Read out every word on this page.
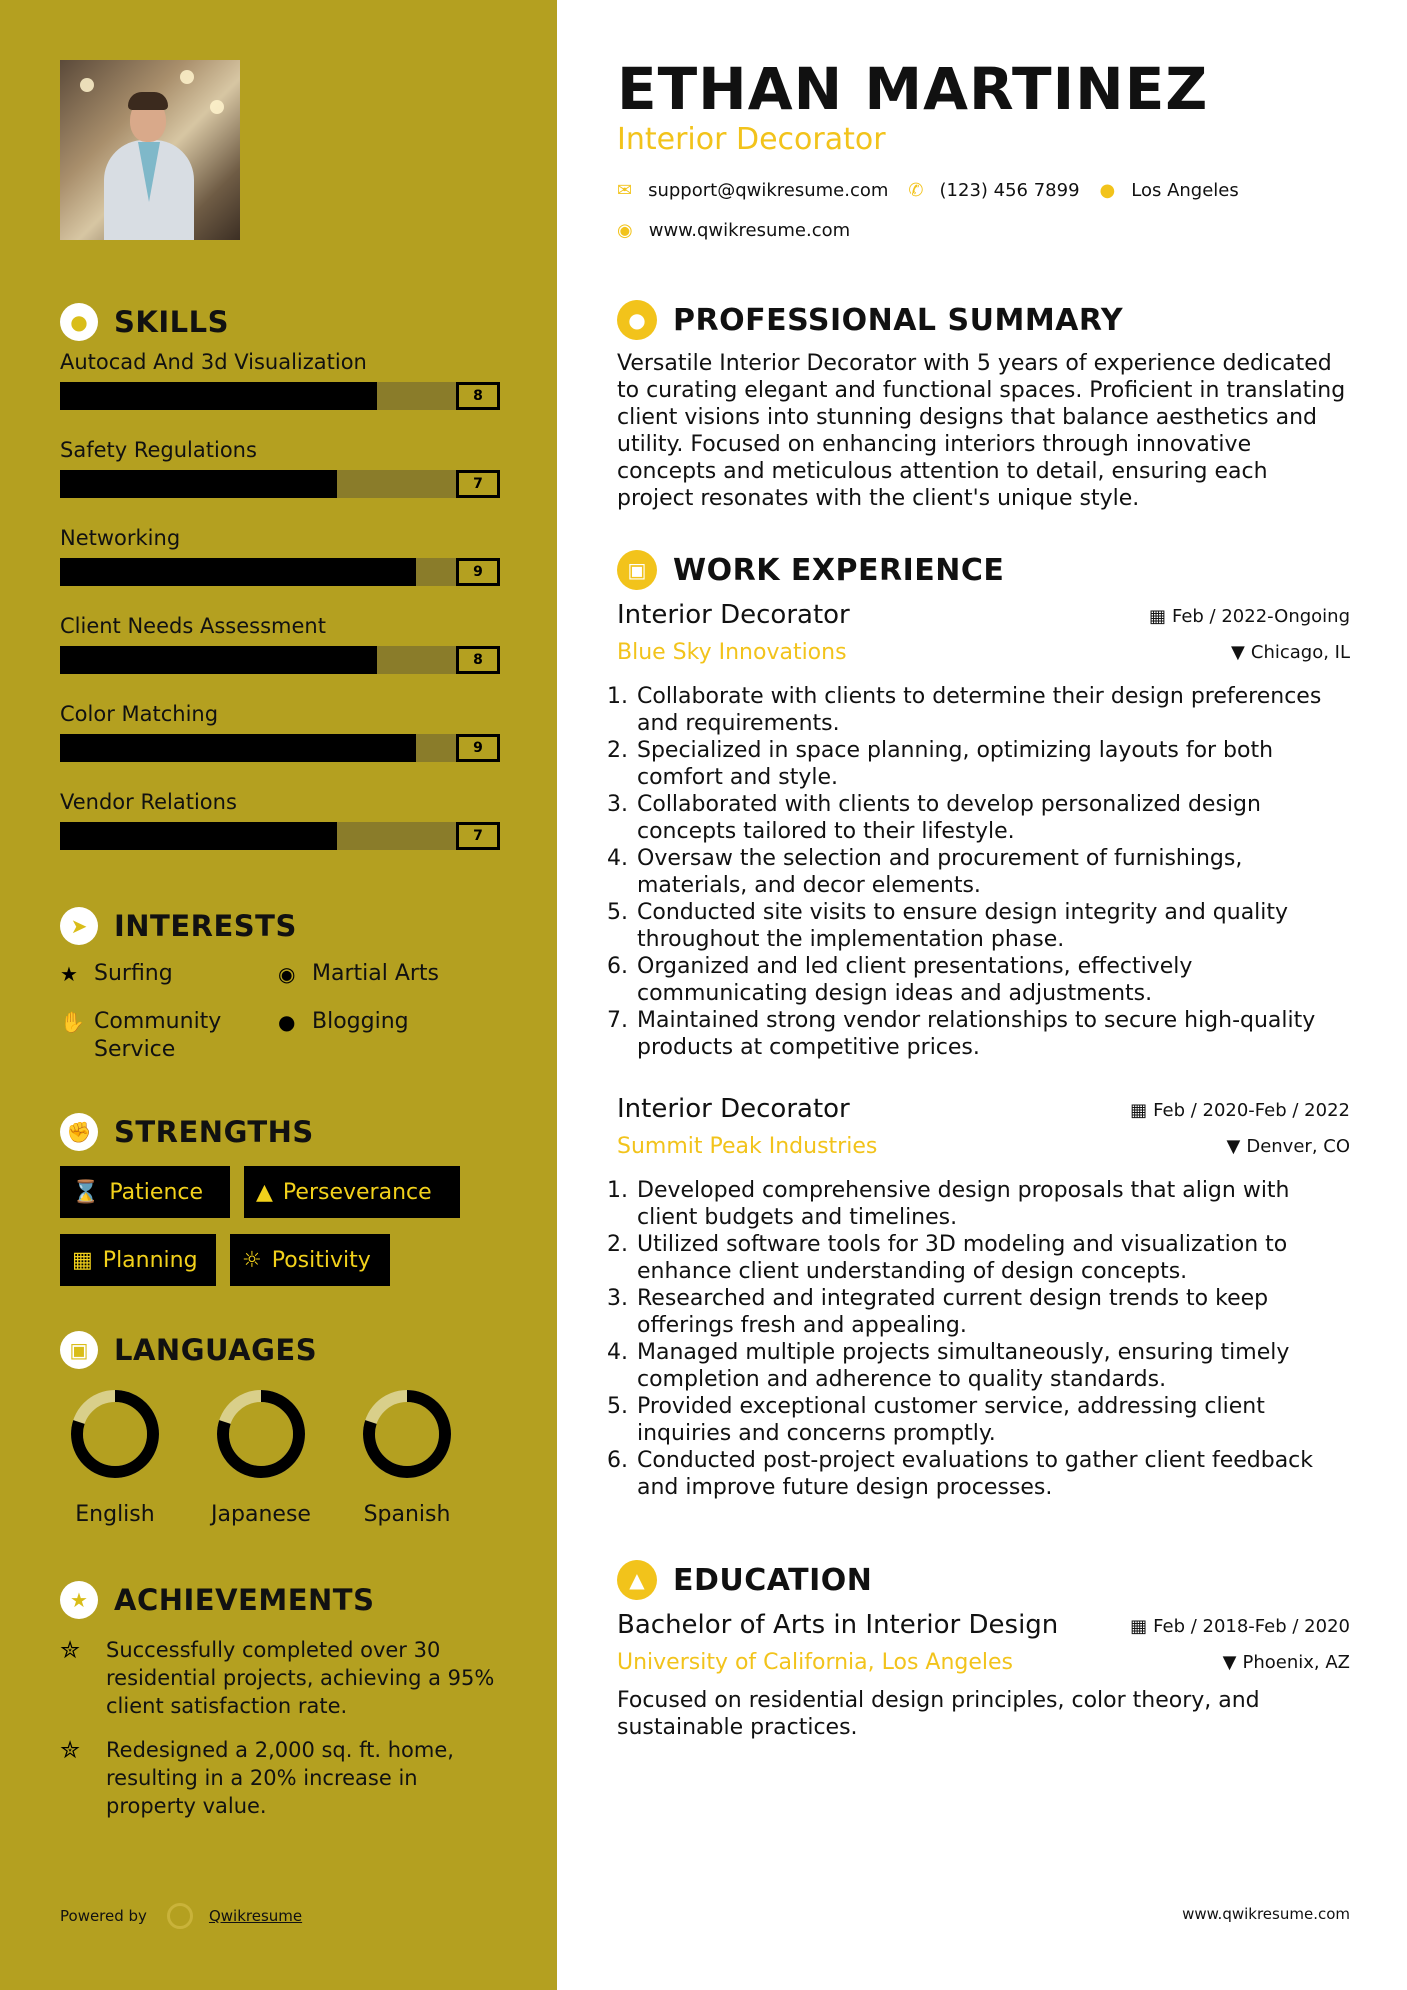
● SKILLS
Autocad And 3d Visualization
8
Safety Regulations
7
Networking
9
Client Needs Assessment
8
Color Matching
9
Vendor Relations
7
➤ INTERESTS
★ Surfing	◉ Martial Arts
✋ Community Service
● Blogging
✊ STRENGTHS
⌛ Patience ▲ Perseverance
▦ Planning ☼ Positivity
▣ LANGUAGES
English	Japanese	Spanish
★ ACHIEVEMENTS
✮	Successfully completed over 30 residential projects, achieving a 95% client satisfaction rate.
✮	Redesigned a 2,000 sq. ft. home, resulting in a 20% increase in property value.
Powered by	Qwikresume
ETHAN MARTINEZ
Interior Decorator
✉ support@qwikresume.com ✆ (123) 456 7899 ● Los Angeles
◉ www.qwikresume.com
● PROFESSIONAL SUMMARY

Versatile Interior Decorator with 5 years of experience dedicated to curating elegant and functional spaces. Proficient in translating client visions into stunning designs that balance aesthetics and utility. Focused on enhancing interiors through innovative concepts and meticulous attention to detail, ensuring each project resonates with the client's unique style.

▣ WORK EXPERIENCE
Interior Decorator	▦ Feb / 2022-Ongoing
Blue Sky Innovations	▼ Chicago, IL
1. Collaborate with clients to determine their design preferences and requirements.
2. Specialized in space planning, optimizing layouts for both comfort and style.
3. Collaborated with clients to develop personalized design concepts tailored to their lifestyle.
4. Oversaw the selection and procurement of furnishings, materials, and decor elements.
5. Conducted site visits to ensure design integrity and quality throughout the implementation phase.
6. Organized and led client presentations, effectively communicating design ideas and adjustments.
7. Maintained strong vendor relationships to secure high-quality products at competitive prices.
Interior Decorator	▦ Feb / 2020-Feb / 2022
Summit Peak Industries	▼ Denver, CO
1. Developed comprehensive design proposals that align with client budgets and timelines.
2. Utilized software tools for 3D modeling and visualization to enhance client understanding of design concepts.
3. Researched and integrated current design trends to keep offerings fresh and appealing.
4. Managed multiple projects simultaneously, ensuring timely completion and adherence to quality standards.
5. Provided exceptional customer service, addressing client inquiries and concerns promptly.
6. Conducted post-project evaluations to gather client feedback and improve future design processes.
▲ EDUCATION
Bachelor of Arts in Interior Design	▦ Feb / 2018-Feb / 2020
University of California, Los Angeles	▼ Phoenix, AZ

Focused on residential design principles, color theory, and sustainable practices.

www.qwikresume.com
